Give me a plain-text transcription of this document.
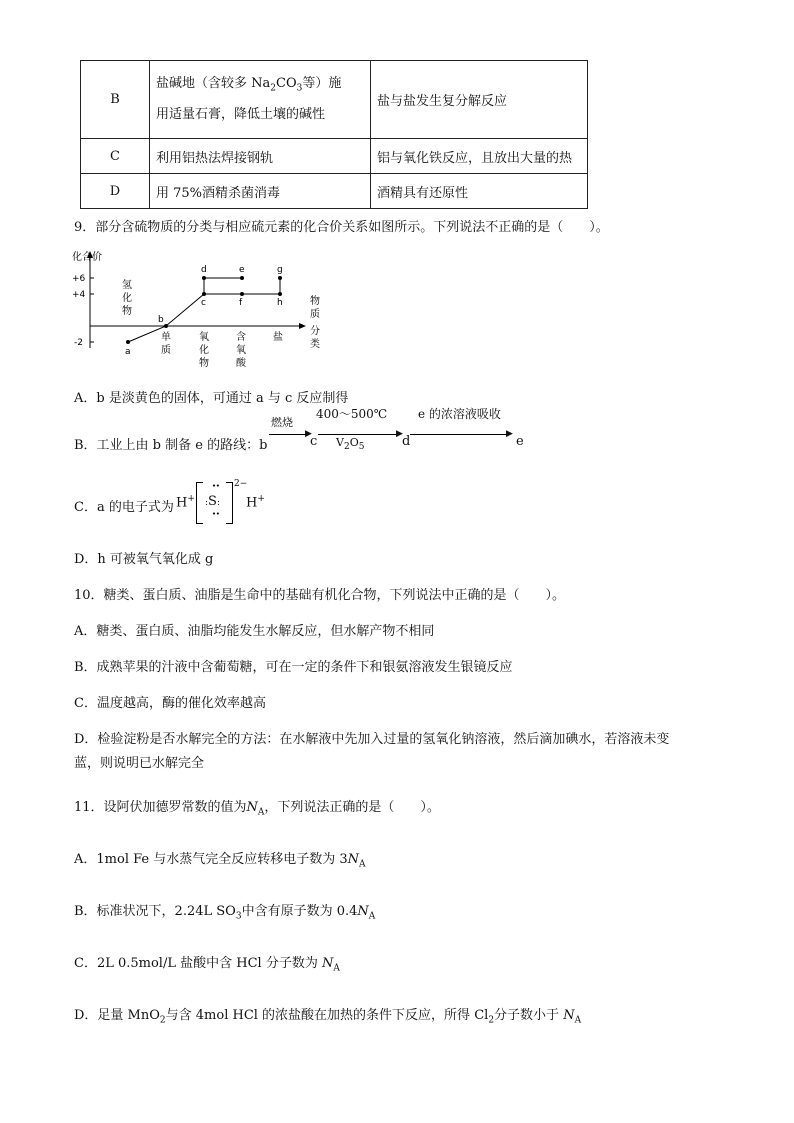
B	盐碱地（含较多 $Na_2CO_3$等）施
用适量石膏，降低土壤的碱性	盐与盐发生复分解反应
C	利用铝热法焊接钢轨	铝与氧化铁反应，且放出大量的热
D	用 75%酒精杀菌消毒	酒精具有还原性
9．部分含硫物质的分类与相应硫元素的化合价关系如图所示。下列说法不正确的是（　　）。
化合价
+6
+4
-2
氢
化
物
单
质
氧
化
物
含
氧
酸
盐
物
质
分
类
a
b
c
d	e
f
g
h
A．b 是淡黄色的固体，可通过 a 与 c 反应制得
B．工业上由 b 制备 e 的路线：b
燃烧
▶
c
400～500℃
▶
$V_2O_5$	d
e 的浓溶液吸收
▶ e
C．a 的电子式为 H+
∙∙
:S:
∙∙
2−
H+
D．h 可被氧气氧化成 g
10．糖类、蛋白质、油脂是生命中的基础有机化合物，下列说法中正确的是（　　）。
A．糖类、蛋白质、油脂均能发生水解反应，但水解产物不相同
B．成熟苹果的汁液中含葡萄糖，可在一定的条件下和银氨溶液发生银镜反应
C．温度越高，酶的催化效率越高
D．检验淀粉是否水解完全的方法：在水解液中先加入过量的氢氧化钠溶液，然后滴加碘水，若溶液未变
蓝，则说明已水解完全
11．设阿伏加德罗常数的值为$N_A$，下列说法正确的是（　　）。
A．1mol Fe 与水蒸气完全反应转移电子数为 $3N_A$
B．标准状况下，2.24L $SO_3$中含有原子数为 $0.4N_A$
C．2L 0.5mol/L 盐酸中含 HCl 分子数为 $N_A$
D．足量 MnO$_2$与含 4mol HCl 的浓盐酸在加热的条件下反应，所得 $Cl_2$分子数小于 $N_A$
